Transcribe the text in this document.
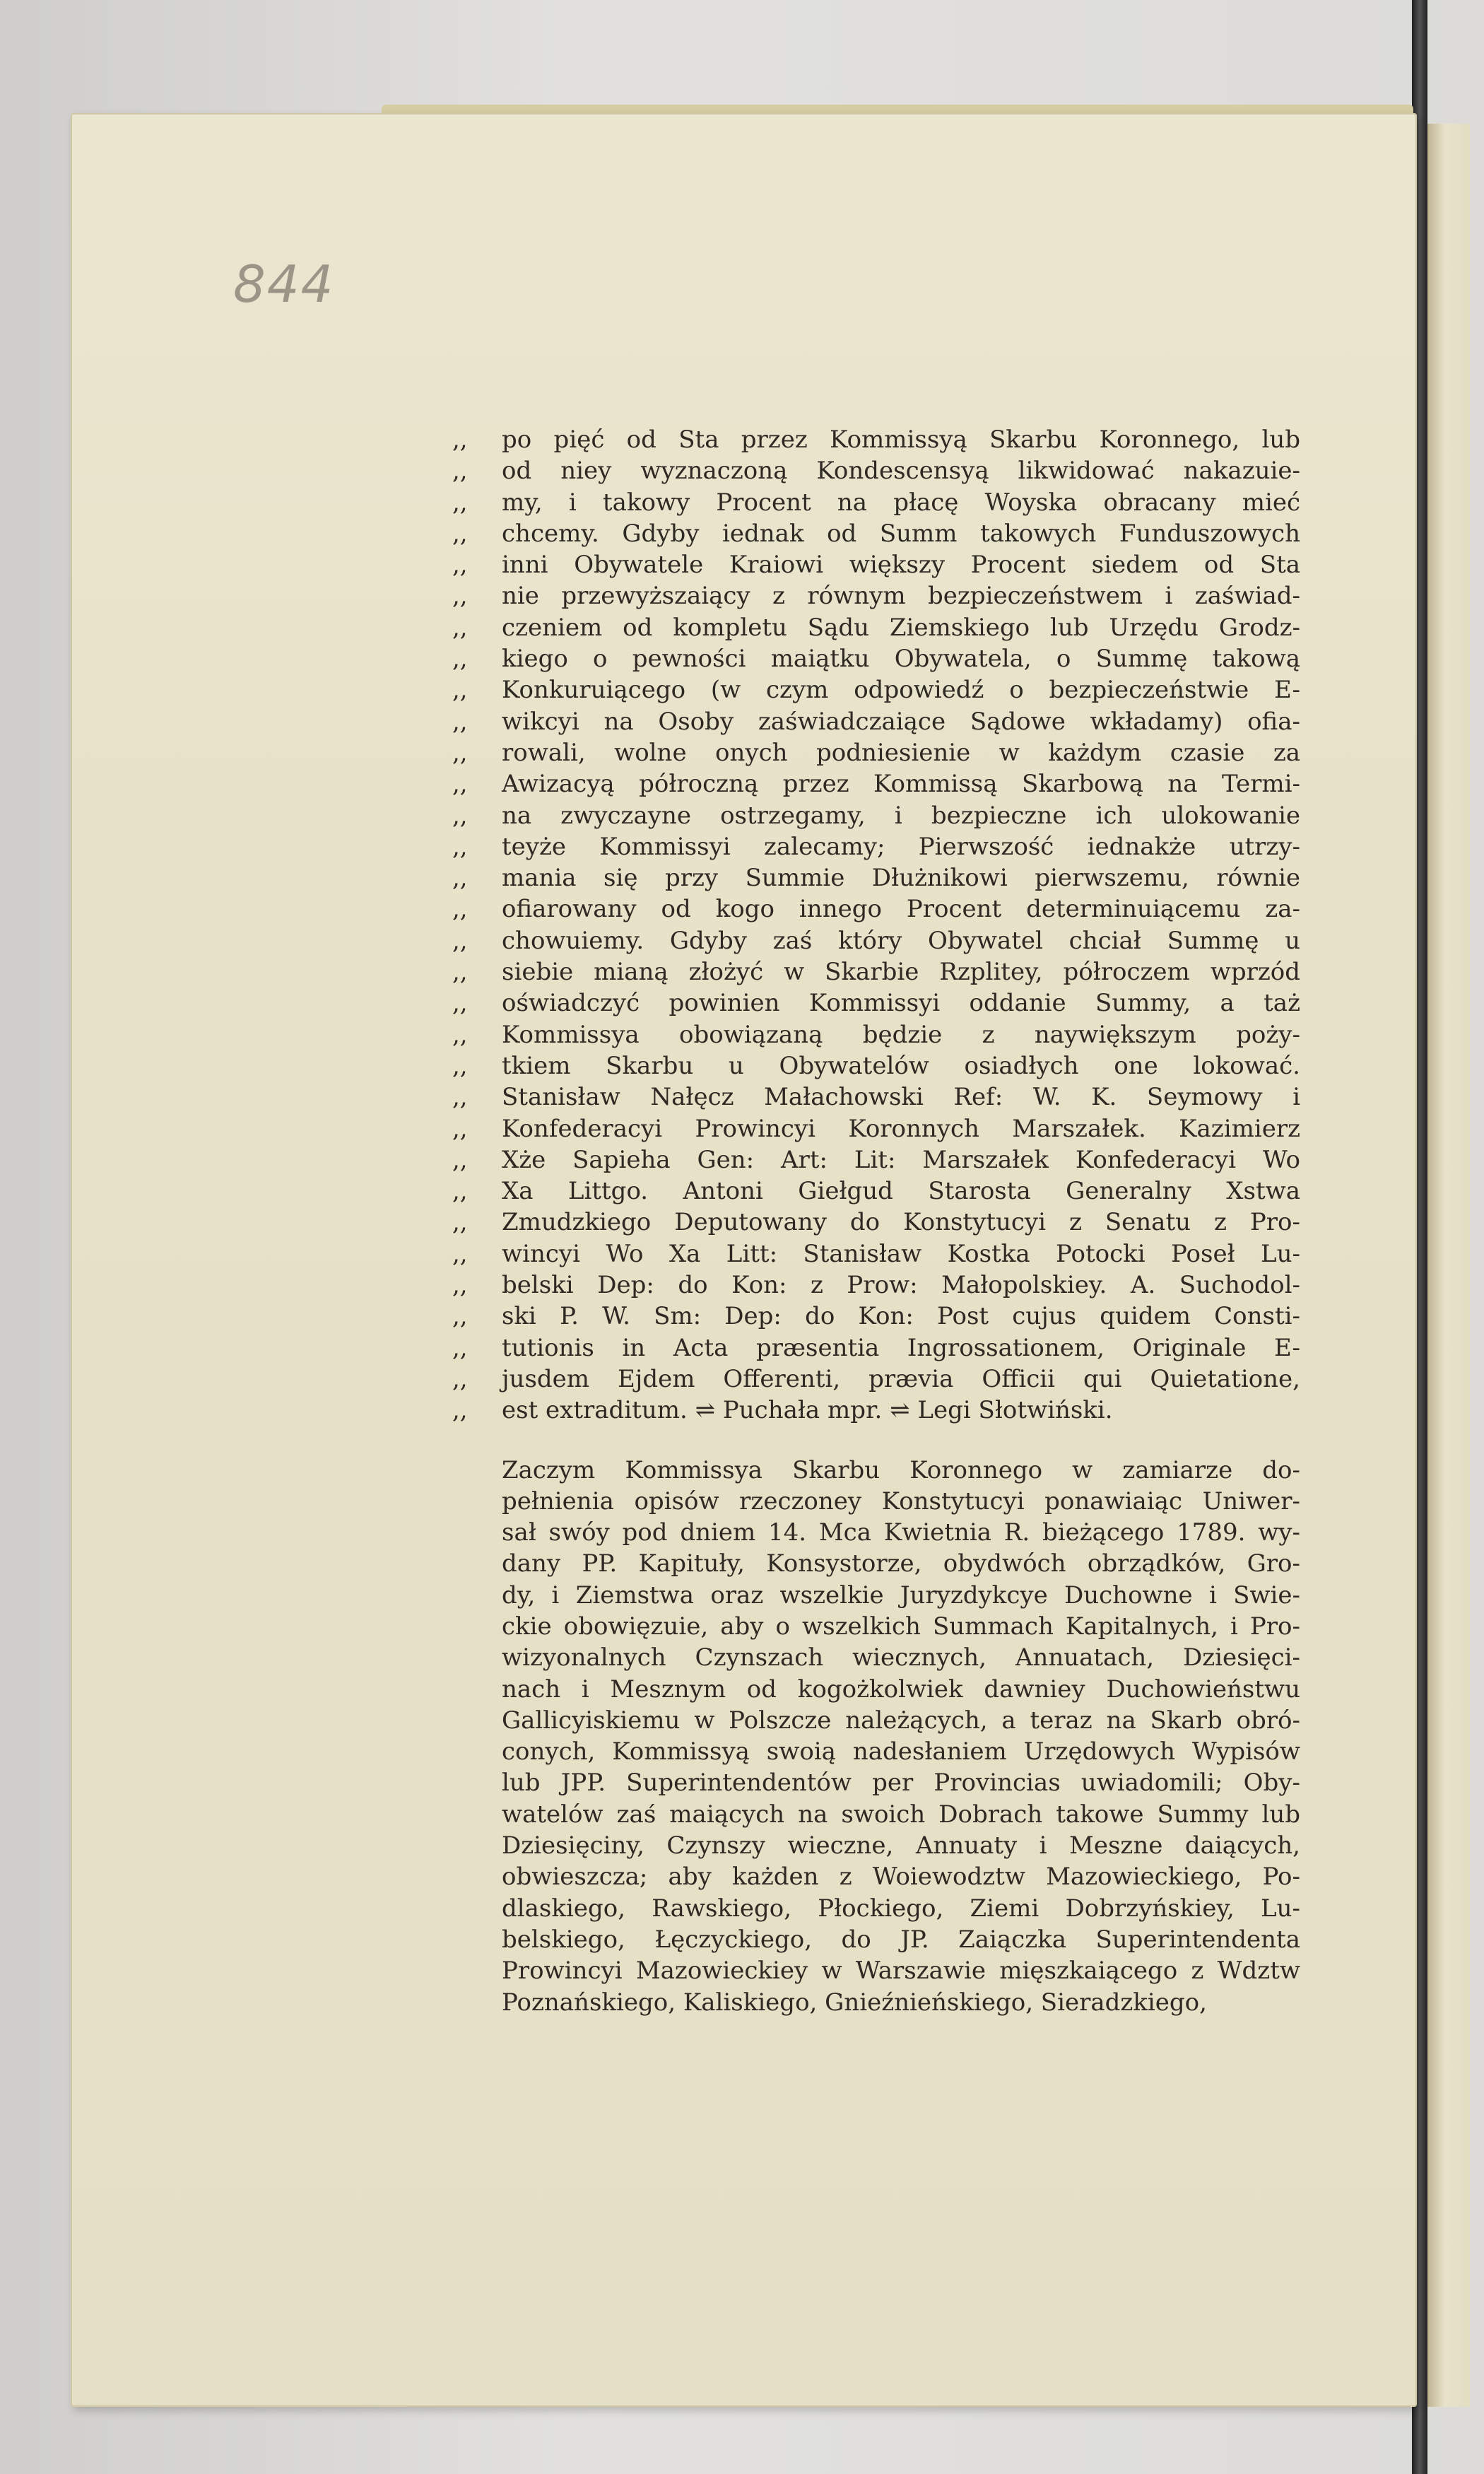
844
,, po pięć od Sta przez Kommissyą Skarbu Koronnego, lub
,, od niey wyznaczoną Kondescensyą likwidować nakazuie-
,, my, i takowy Procent na płacę Woyska obracany mieć
,, chcemy. Gdyby iednak od Summ takowych Funduszowych
,, inni Obywatele Kraiowi większy Procent siedem od Sta
,, nie przewyższaiący z równym bezpieczeństwem i zaświad-
,, czeniem od kompletu Sądu Ziemskiego lub Urzędu Grodz-
,, kiego o pewności maiątku Obywatela, o Summę takową
,, Konkuruiącego (w czym odpowiedź o bezpieczeństwie E-
,, wikcyi na Osoby zaświadczaiące Sądowe wkładamy) ofia-
,, rowali, wolne onych podniesienie w każdym czasie za
,, Awizacyą półroczną przez Kommissą Skarbową na Termi-
,, na zwyczayne ostrzegamy, i bezpieczne ich ulokowanie
,, teyże Kommissyi zalecamy; Pierwszość iednakże utrzy-
,, mania się przy Summie Dłużnikowi pierwszemu, równie
,, ofiarowany od kogo innego Procent determinuiącemu za-
,, chowuiemy. Gdyby zaś który Obywatel chciał Summę u
,, siebie mianą złożyć w Skarbie Rzplitey, półroczem wprzód
,, oświadczyć powinien Kommissyi oddanie Summy, a taż
,, Kommissya obowiązaną będzie z naywiększym poży-
,, tkiem Skarbu u Obywatelów osiadłych one lokować.
,, Stanisław Nałęcz Małachowski Ref: W. K. Seymowy i
,, Konfederacyi Prowincyi Koronnych Marszałek. Kazimierz
,, Xże Sapieha Gen: Art: Lit: Marszałek Konfederacyi Wo
,, Xa Littgo. Antoni Giełgud Starosta Generalny Xstwa
,, Zmudzkiego Deputowany do Konstytucyi z Senatu z Pro-
,, wincyi Wo Xa Litt: Stanisław Kostka Potocki Poseł Lu-
,, belski Dep: do Kon: z Prow: Małopolskiey. A. Suchodol-
,, ski P. W. Sm: Dep: do Kon: Post cujus quidem Consti-
,, tutionis in Acta præsentia Ingrossationem, Originale E-
,, jusdem Ejdem Offerenti, prævia Officii qui Quietatione,
,, est extraditum. ⇌ Puchała mpr. ⇌ Legi Słotwiński.
Zaczym Kommissya Skarbu Koronnego w zamiarze do-
pełnienia opisów rzeczoney Konstytucyi ponawiaiąc Uniwer-
sał swóy pod dniem 14. Mca Kwietnia R. bieżącego 1789. wy-
dany PP. Kapituły, Konsystorze, obydwóch obrządków, Gro-
dy, i Ziemstwa oraz wszelkie Juryzdykcye Duchowne i Swie-
ckie obowięzuie, aby o wszelkich Summach Kapitalnych, i Pro-
wizyonalnych Czynszach wiecznych, Annuatach, Dziesięci-
nach i Mesznym od kogożkolwiek dawniey Duchowieństwu
Gallicyiskiemu w Polszcze należących, a teraz na Skarb obró-
conych, Kommissyą swoią nadesłaniem Urzędowych Wypisów
lub JPP. Superintendentów per Provincias uwiadomili; Oby-
watelów zaś maiących na swoich Dobrach takowe Summy lub
Dziesięciny, Czynszy wieczne, Annuaty i Meszne daiących,
obwieszcza; aby każden z Woiewodztw Mazowieckiego, Po-
dlaskiego, Rawskiego, Płockiego, Ziemi Dobrzyńskiey, Lu-
belskiego, Łęczyckiego, do JP. Zaiączka Superintendenta
Prowincyi Mazowieckiey w Warszawie mięszkaiącego z Wdztw
Poznańskiego, Kaliskiego, Gnieźnieńskiego, Sieradzkiego,
